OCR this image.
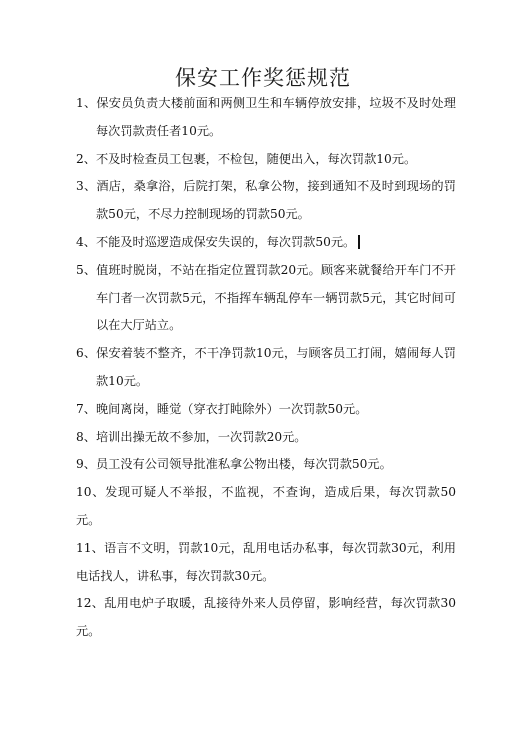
保安工作奖惩规范
1、保安员负责大楼前面和两侧卫生和车辆停放安排，垃圾不及时处理每次罚款责任者10元。
2、不及时检查员工包裹，不检包，随便出入，每次罚款10元。
3、酒店，桑拿浴，后院打架，私拿公物，接到通知不及时到现场的罚款50元，不尽力控制现场的罚款50元。
4、不能及时巡逻造成保安失误的，每次罚款50元。
5、值班时脱岗，不站在指定位置罚款20元。顾客来就餐给开车门不开车门者一次罚款5元，不指挥车辆乱停车一辆罚款5元，其它时间可以在大厅站立。
6、保安着装不整齐，不干净罚款10元，与顾客员工打闹，嬉闹每人罚款10元。
7、晚间离岗，睡觉（穿衣打盹除外）一次罚款50元。
8、培训出操无故不参加，一次罚款20元。
9、员工没有公司领导批准私拿公物出楼，每次罚款50元。
10、发现可疑人不举报，不监视，不查询，造成后果，每次罚款50元。
11、语言不文明，罚款10元，乱用电话办私事，每次罚款30元，利用电话找人，讲私事，每次罚款30元。
12、乱用电炉子取暖，乱接待外来人员停留，影响经营，每次罚款30元。
